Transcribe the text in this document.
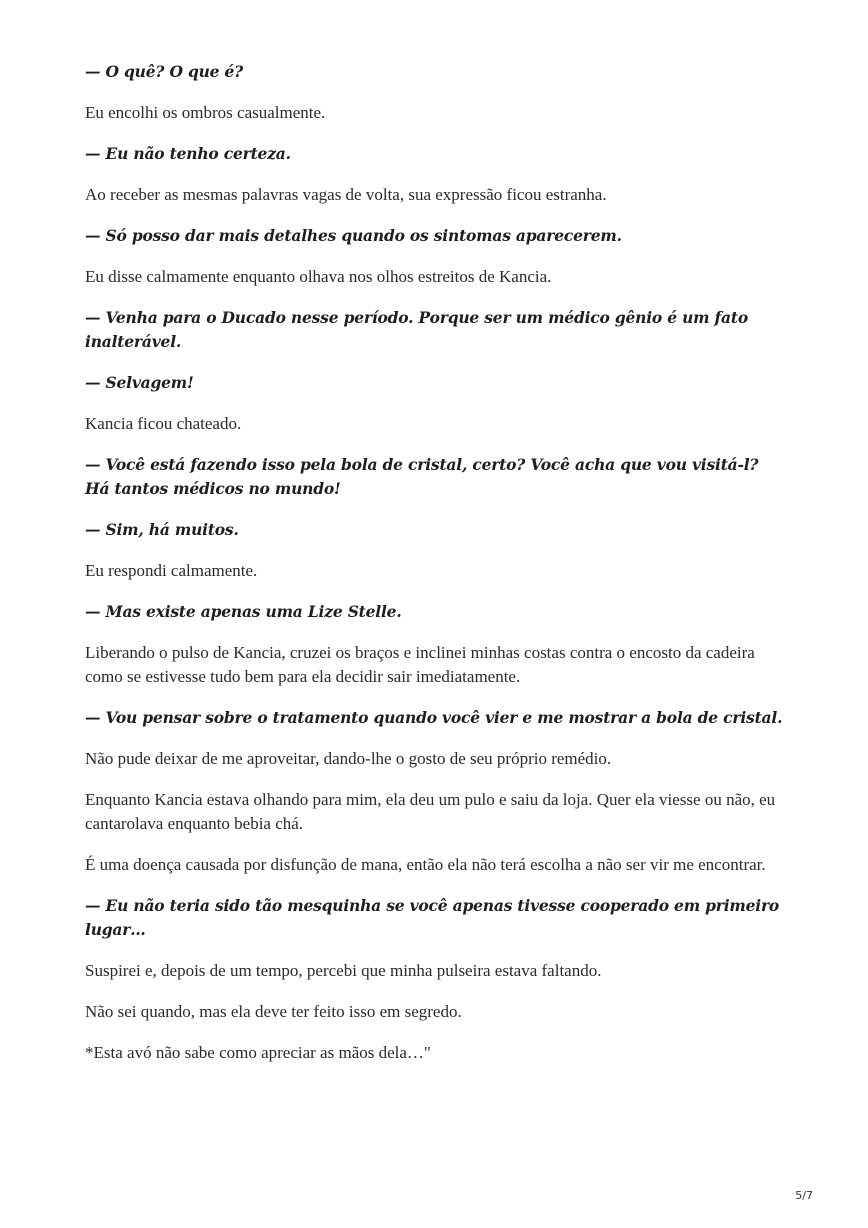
— O quê? O que é?

Eu encolhi os ombros casualmente.

— Eu não tenho certeza.

Ao receber as mesmas palavras vagas de volta, sua expressão ficou estranha.

— Só posso dar mais detalhes quando os sintomas aparecerem.

Eu disse calmamente enquanto olhava nos olhos estreitos de Kancia.

— Venha para o Ducado nesse período. Porque ser um médico gênio é um fato inalterável.

— Selvagem!

Kancia ficou chateado.

— Você está fazendo isso pela bola de cristal, certo? Você acha que vou visitá-l? Há tantos médicos no mundo!

— Sim, há muitos.

Eu respondi calmamente.

— Mas existe apenas uma Lize Stelle.

Liberando o pulso de Kancia, cruzei os braços e inclinei minhas costas contra o encosto da cadeira como se estivesse tudo bem para ela decidir sair imediatamente.

— Vou pensar sobre o tratamento quando você vier e me mostrar a bola de cristal.

Não pude deixar de me aproveitar, dando-lhe o gosto de seu próprio remédio.

Enquanto Kancia estava olhando para mim, ela deu um pulo e saiu da loja. Quer ela viesse ou não, eu cantarolava enquanto bebia chá.

É uma doença causada por disfunção de mana, então ela não terá escolha a não ser vir me encontrar.

— Eu não teria sido tão mesquinha se você apenas tivesse cooperado em primeiro lugar…

Suspirei e, depois de um tempo, percebi que minha pulseira estava faltando.

Não sei quando, mas ela deve ter feito isso em segredo.

*Esta avó não sabe como apreciar as mãos dela…"

5/7
